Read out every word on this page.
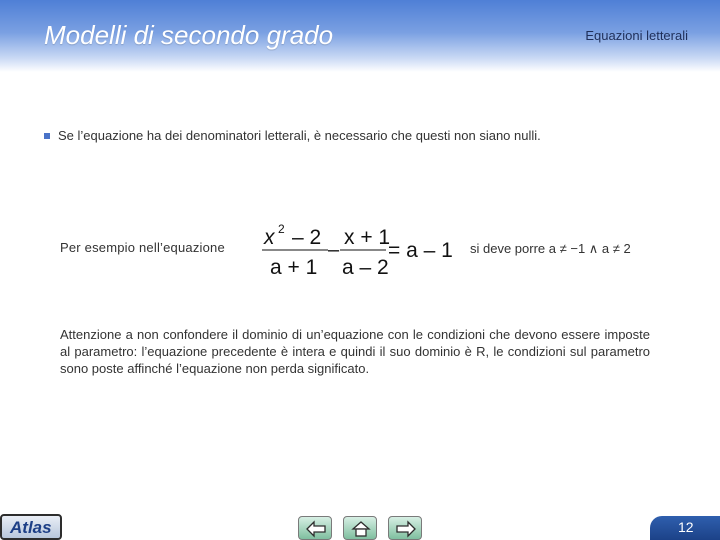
Modelli di secondo grado	Equazioni letterali
Se l’equazione ha dei denominatori letterali, è necessario che questi non siano nulli.
Per esempio nell’equazione x 2 – 2
a + 1
–
x + 1
a – 2
= a – 1 si deve porre a ≠ −1 ∧ a ≠ 2
Attenzione a non confondere il dominio di un’equazione con le condizioni che devono essere imposte al parametro: l’equazione precedente è intera e quindi il suo dominio è R, le condizioni sul parametro sono poste affinché l’equazione non perda significato.
Atlas	12
